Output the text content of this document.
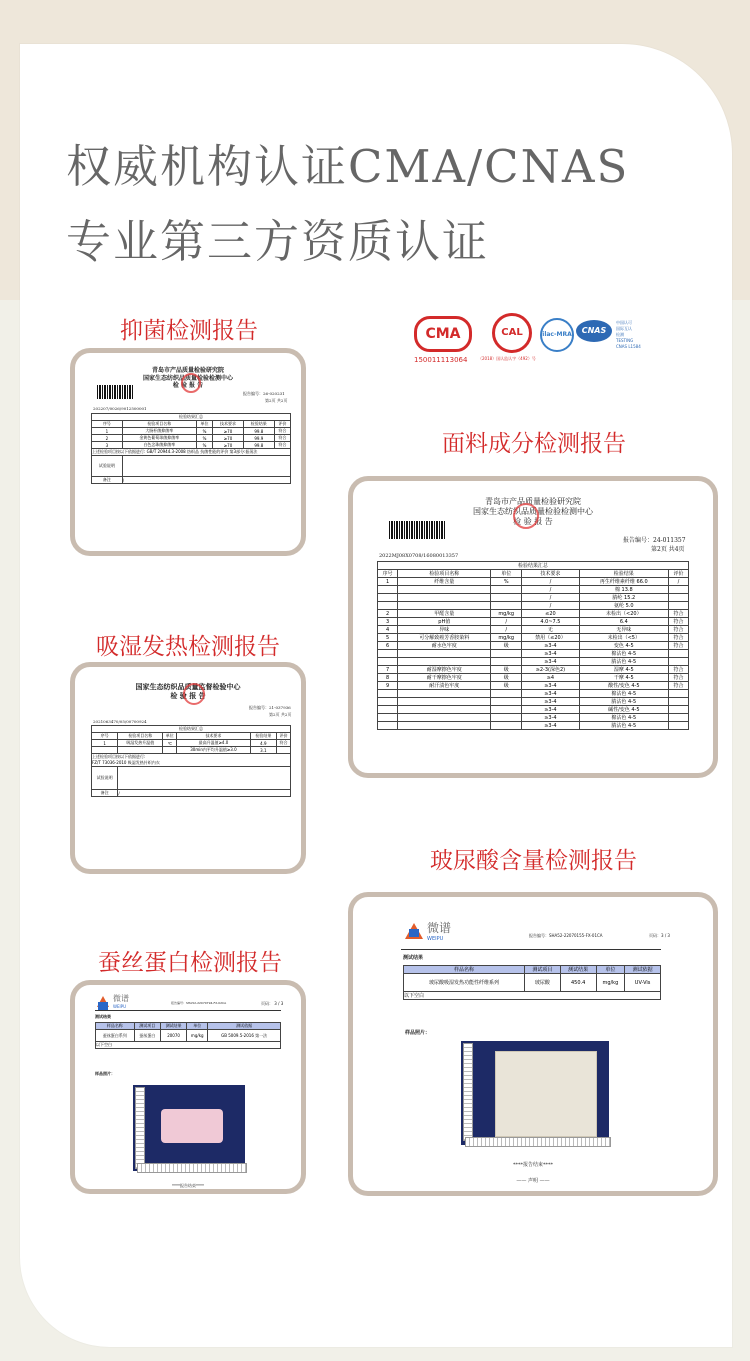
权威机构认证CMA/CNAS
专业第三方资质认证
抑菌检测报告
面料成分检测报告
吸湿发热检测报告
玻尿酸含量检测报告
蚕丝蛋白检测报告
CMA
150011113064
CAL
（2018）国认监认字（492）号
ilac-MRA	CNAS
中国认可
国际互认
检测
TESTING
CNAS L1584
青岛市产品质量检验研究院
国家生态纺织品质量检验检测中心
检 验 报 告
报告编号：26-020231
第2页 共2页
202207/0026/9012500001
检验结果汇总					
序号	检验项目名称	单位	技术要求	检验结果	评价
1	大肠杆菌抑菌率	%	≥70	99.8	符合
2	金黄色葡萄球菌抑菌率	%	≥70	99.9	符合
3	白色念珠菌抑菌率	%	≥70	99.8	符合
上述检验项目按以下依据进行: GB/T 20944.3-2008 纺织品 抗菌性能的评价 第3部分:振荡法					
试验说明					
备注	/				
青岛市产品质量检验研究院
国家生态纺织品质量检验检测中心
检 验 报 告
报告编号：24-011357
第2页 共4页
2022MJ08X0708/16080013357
检验结果汇总					
序号	检验项目名称	单位	技术要求	检验结果	评价
1	纤维含量	%	/	再生纤维素纤维 66.0	/
			/	棉 13.8	
			/	腈纶 15.2	
			/	氨纶 5.0	
2	甲醛含量	mg/kg	≤20	未检出（<20）	符合
3	pH值	/	4.0~7.5	6.4	符合
4	异味	/	无	无异味	符合
5	可分解致癌芳香胺染料	mg/kg	禁用（≤20）	未检出（<5）	符合
6	耐水色牢度	级	≥3-4	变色 4-5	符合
			≥3-4	棉沾色 4-5	
			≥3-4	腈沾色 4-5	
7	耐湿摩擦色牢度	级	≥2-3(深色2)	湿摩 4-5	符合
8	耐干摩擦色牢度	级	≥4	干摩 4-5	符合
9	耐汗渍色牢度	级	≥3-4	酸性/变色 4-5	符合
			≥3-4	棉沾色 4-5	
			≥3-4	腈沾色 4-5	
			≥3-4	碱性/变色 4-5	
			≥3-4	棉沾色 4-5	
			≥3-4	腈沾色 4-5	
国家生态纺织品质量监督检验中心
检 验 报 告
报告编号：21-037936
第2页 共2页
2021063470/05/00700924
检验结果汇总					
序号	检验项目名称	单位	技术要求	检验结果	评价
1	吸湿发热升温值	℃	最高升温值≥4.0	4.9	符合
			30min内平均升温值≥3.0	3.1	

上述检验项目按以下依据进行:
FZ/T 73036-2010 吸湿发热针织内衣					

试验说明					
备注	/				
微谱
WEIPU
报告编号：SHA52-22070155-FX-01CA	页码：3 / 3
测试结果
样品名称	测试项目	测试结果	单位	测试依据
玻尿酸吸湿发热功能性纤维系列	玻尿酸	450.4	mg/kg	UV-Vis
以下空白				
样品照片：
****报告结束****
—— 声明 ——
微谱
WEIPU
报告编号：SHA52-22070794-FX-02CA	页码： 3 / 3
测试结果
样品名称	测试项目	测试结果	单位	测试依据
蚕丝蛋白系列	蚕丝蛋白	20070	mg/kg	GB 5009.5-2016 第一法
以下空白				
样品照片：
****报告结束****
